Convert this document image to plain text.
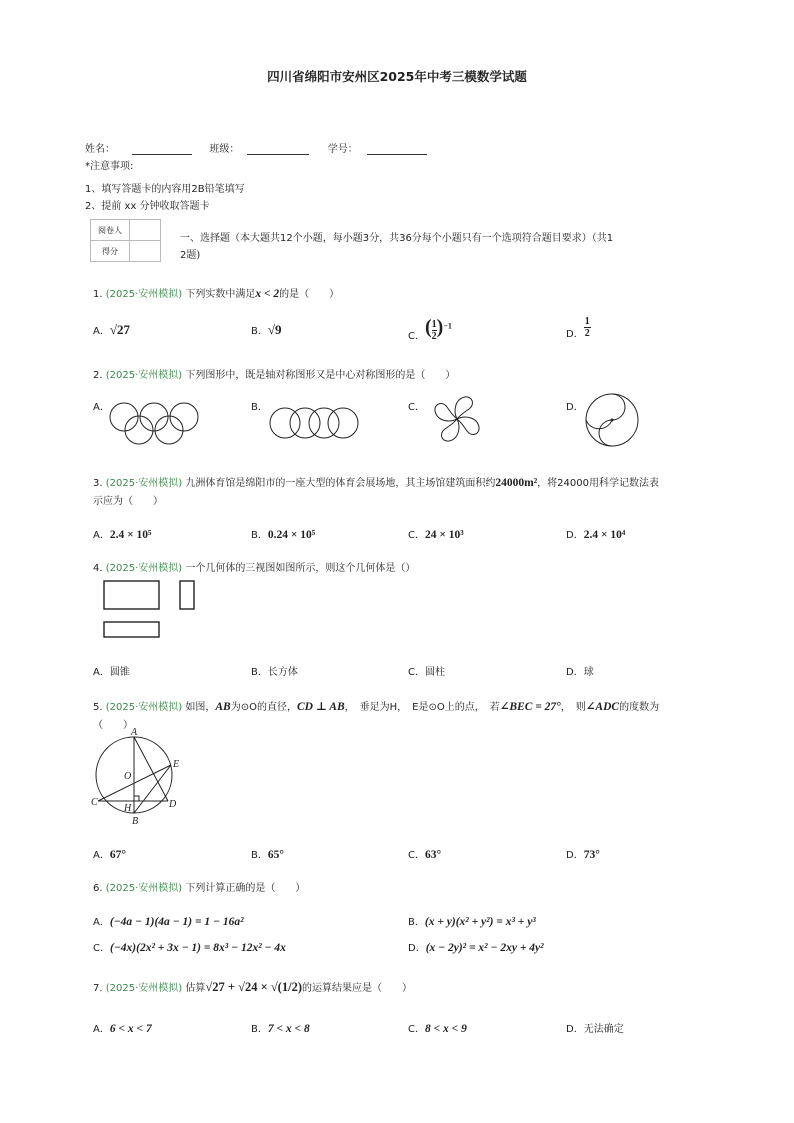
四川省绵阳市安州区2025年中考三模数学试题
姓名：	班级：	学号：
*注意事项:
1、填写答题卡的内容用2B铅笔填写
2、提前 xx 分钟收取答题卡
阅卷人	
得分	
一、选择题（本大题共12个小题，每小题3分，共36分每个小题只有一个选项符合题目要求）（共1
2题)
1. (2025·安州模拟) 下列实数中满足x < 2的是（　　）
A．√27	B．√9	C．( $\frac{1}{2} )^{-1}$
D． $\frac{1}{2}$
2. (2025·安州模拟) 下列图形中，既是轴对称图形又是中心对称图形的是（　　）
A．	B．	C．	D．
3. (2025·安州模拟) 九洲体育馆是绵阳市的一座大型的体育会展场地，其主场馆建筑面积约24000m²，将24000用科学记数法表
示应为（　　）
A．2.4 × 10⁵	B．0.24 × 10⁵	C．24 × 10³	D．2.4 × 10⁴
4. (2025·安州模拟) 一个几何体的三视图如图所示，则这个几何体是（）
A．圆锥	B．长方体	C．圆柱	D．球
5. (2025·安州模拟) 如图，AB为⊙O的直径，CD ⊥ AB，　垂足为H，　E是⊙O上的点，　若∠BEC = 27°，　则∠ADC的度数为
（　　）
A
B
C	D
E
O
H
A．67°	B．65°	C．63°	D．73°
6. (2025·安州模拟) 下列计算正确的是（　　）
A．(−4a − 1)(4a − 1) = 1 − 16a²	B．(x + y)(x² + y²) = x³ + y³
C．(−4x)(2x² + 3x − 1) = 8x³ − 12x² − 4x	D．(x − 2y)² = x² − 2xy + 4y²
7. (2025·安州模拟) 估算√27 + √24 × √(1/2)的运算结果应是（　　）
A．6 < x < 7	B．7 < x < 8	C．8 < x < 9	D．无法确定
